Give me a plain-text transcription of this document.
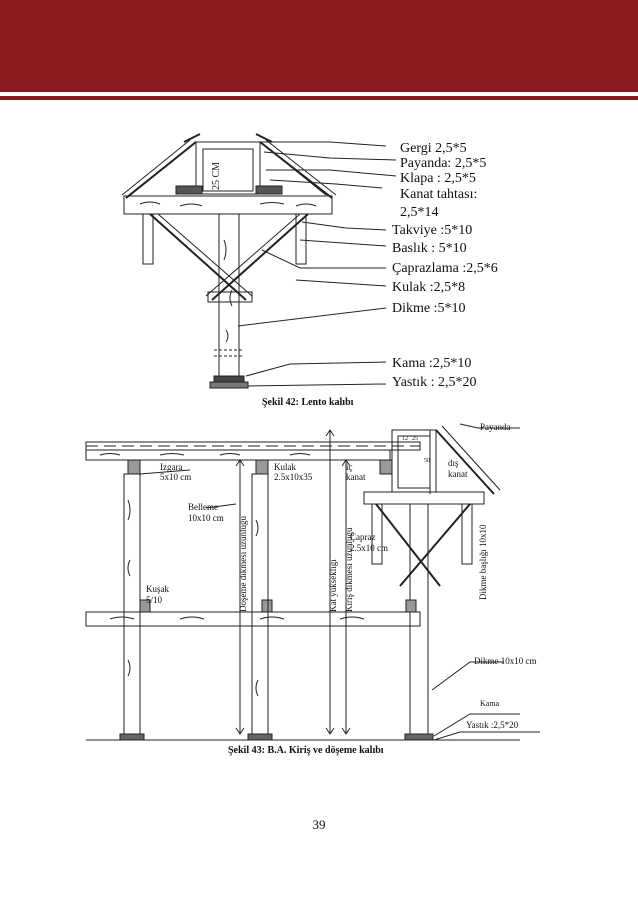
25 CM
Gergi 2,5*5
Payanda: 2,5*5
Klapa : 2,5*5
Kanat tahtası:
2,5*14
Takviye :5*10
Baslık : 5*10
Çaprazlama :2,5*6
Kulak :2,5*8
Dikme :5*10
Kama :2,5*10
Yastık : 2,5*20
Şekil 42: Lento kalıbı
Izgara
5x10 cm
Belleme
10x10 cm
Kulak
2.5x10x35
iç
kanat
Payanda
dış
kanat
Çapraz
2.5x10 cm
Kuşak
5/10
12 25
50
Dikme 10x10 cm
Kama
Yastık :2,5*20
Döşeme dikmesi uzunluğu	Kat yüksekliği Kiriş dikmesi uzunluğu	Dikme başlığı 10x10
Şekil 43: B.A. Kiriş ve döşeme kalıbı
39
